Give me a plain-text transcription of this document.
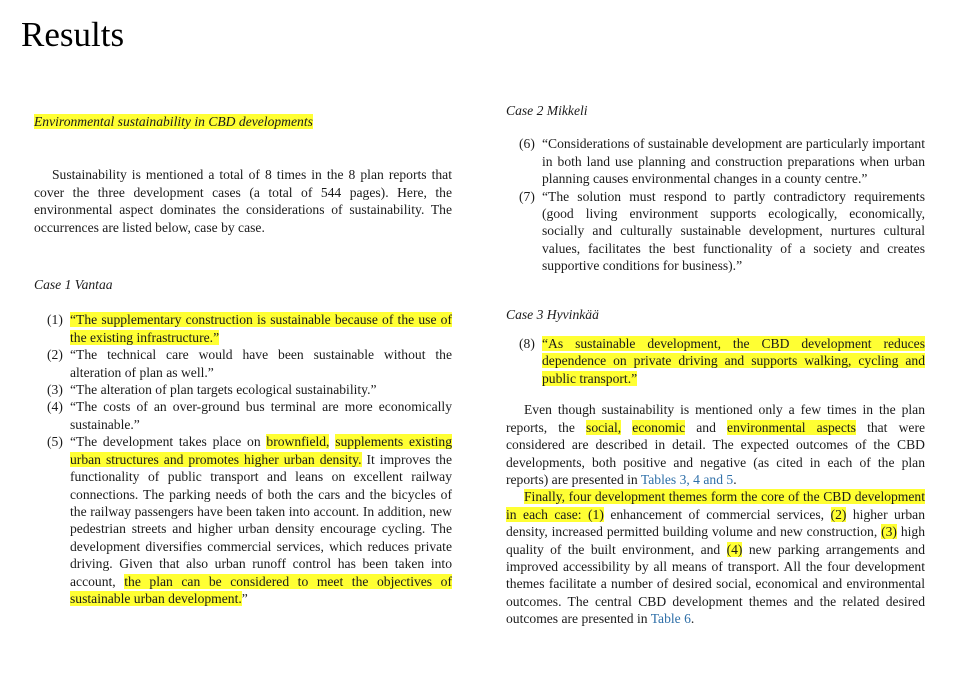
Results
Environmental sustainability in CBD developments
Sustainability is mentioned a total of 8 times in the 8 plan reports that cover the three development cases (a total of 544 pages). Here, the environmental aspect dominates the considerations of sustainability. The occurrences are listed below, case by case.
Case 1 Vantaa
(1) “The supplementary construction is sustainable because of the use of the existing infrastructure.”
(2) “The technical care would have been sustainable without the alteration of plan as well.”
(3) “The alteration of plan targets ecological sustainability.”
(4) “The costs of an over-ground bus terminal are more economically sustainable.”
(5) “The development takes place on brownfield, supplements existing urban structures and promotes higher urban density. It improves the functionality of public transport and leans on excellent railway connections. The parking needs of both the cars and the bicycles of the railway passengers have been taken into account. In addition, new pedestrian streets and higher urban density encourage cycling. The development diversifies commercial services, which reduces private driving. Given that also urban runoff control has been taken into account, the plan can be considered to meet the objectives of sustainable urban development.”
Case 2 Mikkeli
(6) “Considerations of sustainable development are particularly important in both land use planning and construction preparations when urban planning causes environmental changes in a county centre.”
(7) “The solution must respond to partly contradictory requirements (good living environment supports ecologically, economically, socially and culturally sustainable development, nurtures cultural values, facilitates the best functionality of a society and creates supportive conditions for business).”
Case 3 Hyvinkää
(8) “As sustainable development, the CBD development reduces dependence on private driving and supports walking, cycling and public transport.”
Even though sustainability is mentioned only a few times in the plan reports, the social, economic and environmental aspects that were considered are described in detail. The expected outcomes of the CBD developments, both positive and negative (as cited in each of the plan reports) are presented in Tables 3, 4 and 5.
Finally, four development themes form the core of the CBD development in each case: (1) enhancement of commercial services, (2) higher urban density, increased permitted building volume and new construction, (3) high quality of the built environment, and (4) new parking arrangements and improved accessibility by all means of transport. All the four development themes facilitate a number of desired social, economical and environmental outcomes. The central CBD development themes and the related desired outcomes are presented in Table 6.
